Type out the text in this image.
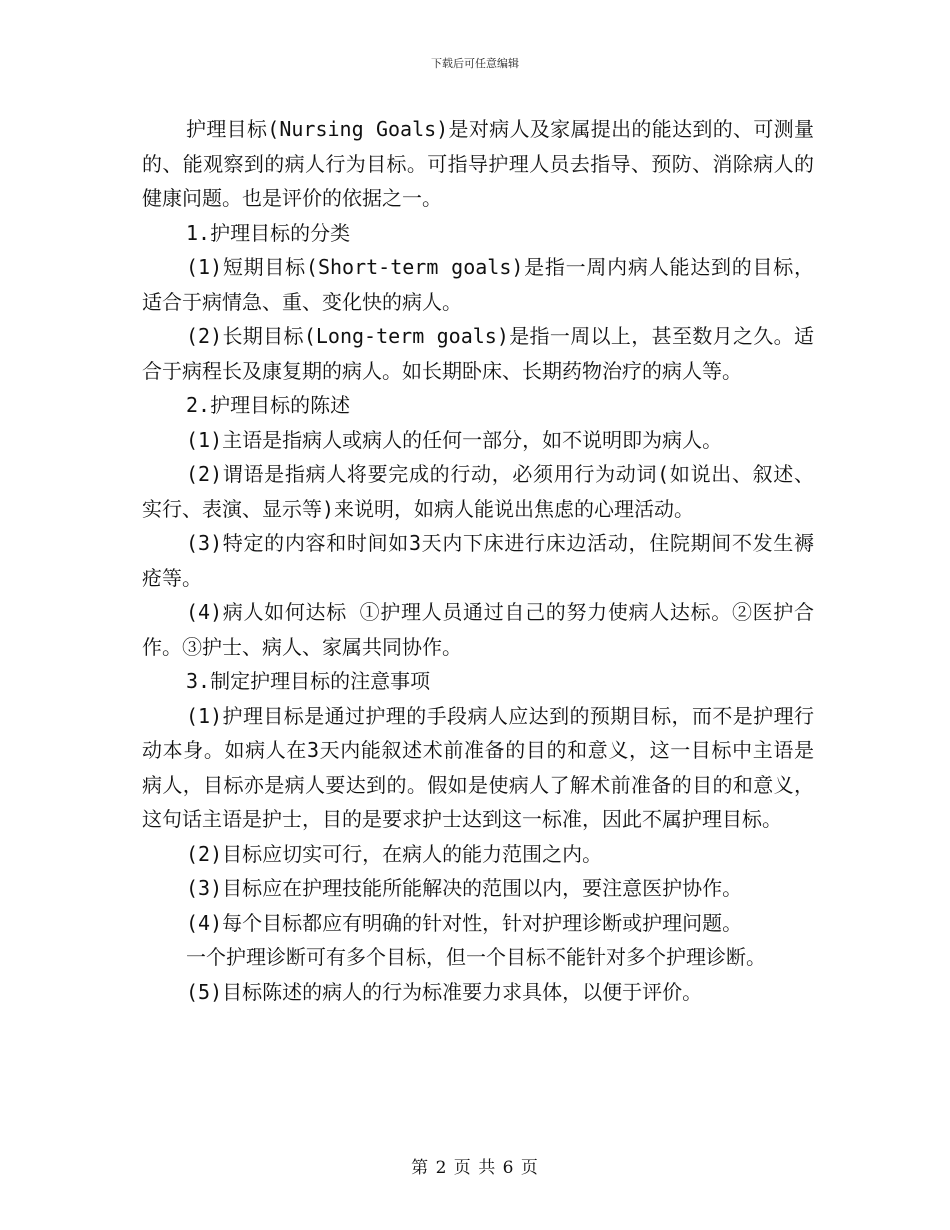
下载后可任意编辑

护理目标(Nursing Goals)是对病人及家属提出的能达到的、可测量的、能观察到的病人行为目标。可指导护理人员去指导、预防、消除病人的健康问题。也是评价的依据之一。

1.护理目标的分类

(1)短期目标(Short-term goals)是指一周内病人能达到的目标，适合于病情急、重、变化快的病人。

(2)长期目标(Long-term goals)是指一周以上，甚至数月之久。适合于病程长及康复期的病人。如长期卧床、长期药物治疗的病人等。

2.护理目标的陈述

(1)主语是指病人或病人的任何一部分，如不说明即为病人。

(2)谓语是指病人将要完成的行动，必须用行为动词(如说出、叙述、实行、表演、显示等)来说明，如病人能说出焦虑的心理活动。

(3)特定的内容和时间如3天内下床进行床边活动，住院期间不发生褥疮等。

(4)病人如何达标 ①护理人员通过自己的努力使病人达标。②医护合作。③护士、病人、家属共同协作。

3.制定护理目标的注意事项

(1)护理目标是通过护理的手段病人应达到的预期目标，而不是护理行动本身。如病人在3天内能叙述术前准备的目的和意义，这一目标中主语是病人，目标亦是病人要达到的。假如是使病人了解术前准备的目的和意义，这句话主语是护士，目的是要求护士达到这一标准，因此不属护理目标。

(2)目标应切实可行，在病人的能力范围之内。

(3)目标应在护理技能所能解决的范围以内，要注意医护协作。

(4)每个目标都应有明确的针对性，针对护理诊断或护理问题。

一个护理诊断可有多个目标，但一个目标不能针对多个护理诊断。

(5)目标陈述的病人的行为标准要力求具体，以便于评价。

第 2 页 共 6 页
